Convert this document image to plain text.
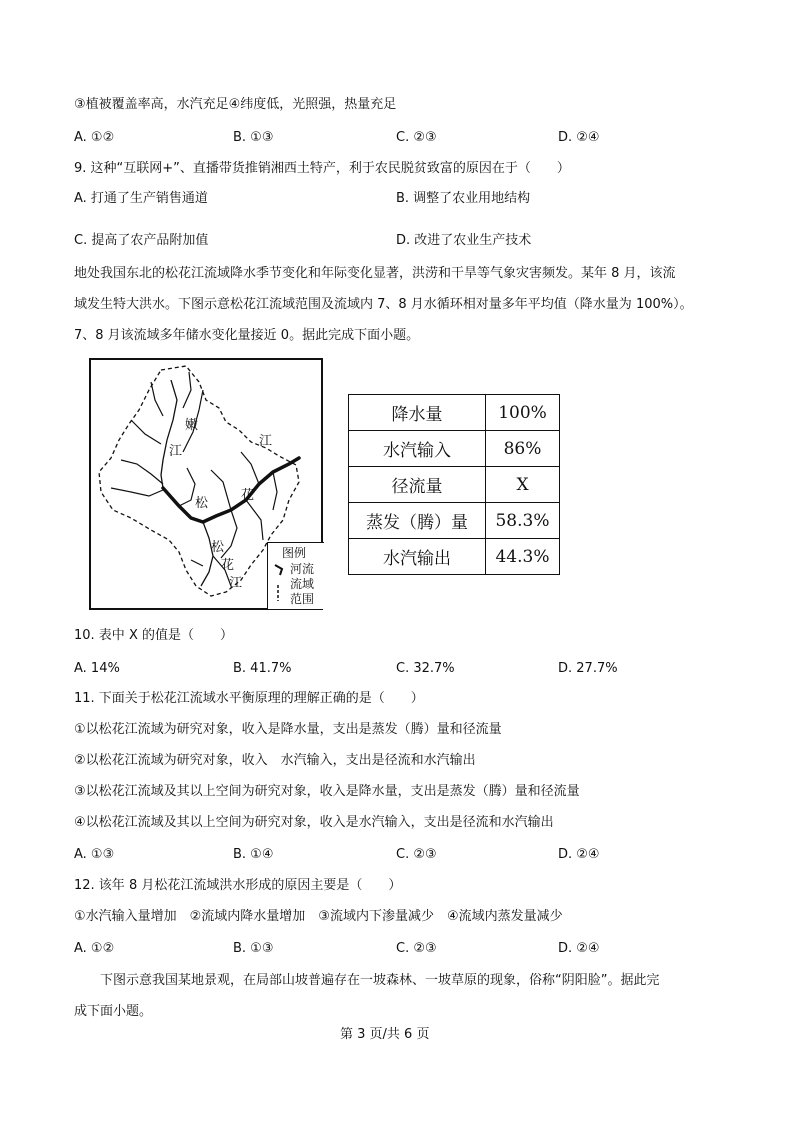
③植被覆盖率高，水汽充足④纬度低，光照强，热量充足
A. ①②	B. ①③	C. ②③	D. ②④
9. 这种“互联网+”、直播带货推销湘西土特产，利于农民脱贫致富的原因在于（　　）
A. 打通了生产销售通道	B. 调整了农业用地结构
C. 提高了农产品附加值	D. 改进了农业生产技术
地处我国东北的松花江流域降水季节变化和年际变化显著，洪涝和干旱等气象灾害频发。某年 8 月，该流
域发生特大洪水。下图示意松花江流域范围及流域内 7、8 月水循环相对量多年平均值（降水量为 100%）。
7、8 月该流域多年储水变化量接近 0。据此完成下面小题。
嫩
江
松
花
江
松
花
江
图例
河流
流域
范围
降水量	100%
水汽输入	86%
径流量	X
蒸发（腾）量	58.3%
水汽输出	44.3%
10. 表中 X 的值是（　　）
A. 14%	B. 41.7%	C. 32.7%	D. 27.7%
11. 下面关于松花江流域水平衡原理的理解正确的是（　　）
①以松花江流域为研究对象，收入是降水量，支出是蒸发（腾）量和径流量
②以松花江流域为研究对象，收入　水汽输入，支出是径流和水汽输出
③以松花江流域及其以上空间为研究对象，收入是降水量，支出是蒸发（腾）量和径流量
④以松花江流域及其以上空间为研究对象，收入是水汽输入，支出是径流和水汽输出
A. ①③	B. ①④	C. ②③	D. ②④
12. 该年 8 月松花江流域洪水形成的原因主要是（　　）
①水汽输入量增加　②流域内降水量增加　③流域内下渗量减少　④流域内蒸发量减少
A. ①②	B. ①③	C. ②③	D. ②④
下图示意我国某地景观，在局部山坡普遍存在一坡森林、一坡草原的现象，俗称“阴阳脸”。据此完
成下面小题。
第 3 页/共 6 页
